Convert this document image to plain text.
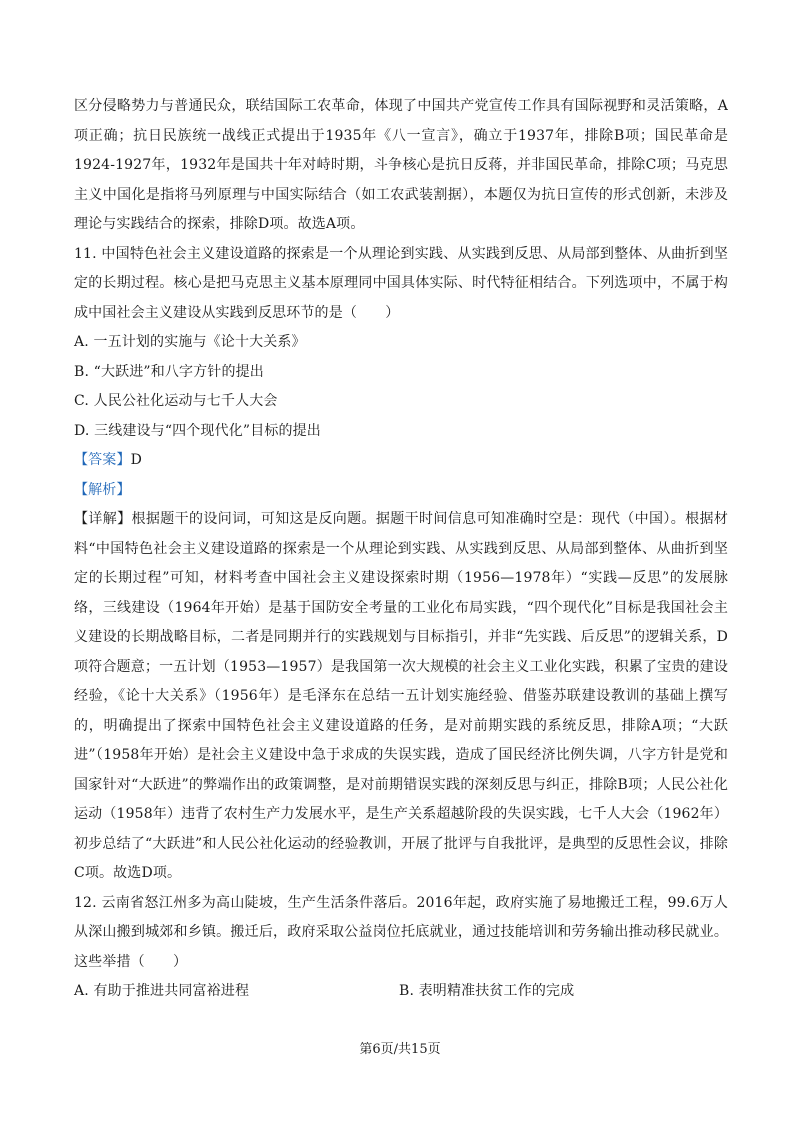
区分侵略势力与普通民众，联结国际工农革命，体现了中国共产党宣传工作具有国际视野和灵活策略，A项正确；抗日民族统一战线正式提出于1935年《八一宣言》，确立于1937年，排除B项；国民革命是1924-1927年，1932年是国共十年对峙时期，斗争核心是抗日反蒋，并非国民革命，排除C项；马克思主义中国化是指将马列原理与中国实际结合（如工农武装割据），本题仅为抗日宣传的形式创新，未涉及理论与实践结合的探索，排除D项。故选A项。

11. 中国特色社会主义建设道路的探索是一个从理论到实践、从实践到反思、从局部到整体、从曲折到坚定的长期过程。核心是把马克思主义基本原理同中国具体实际、时代特征相结合。下列选项中，不属于构成中国社会主义建设从实践到反思环节的是（　　）

A. 一五计划的实施与《论十大关系》

B. “大跃进”和八字方针的提出

C. 人民公社化运动与七千人大会

D. 三线建设与“四个现代化”目标的提出

【答案】D

【解析】

【详解】根据题干的设问词，可知这是反向题。据题干时间信息可知准确时空是：现代（中国）。根据材料“中国特色社会主义建设道路的探索是一个从理论到实践、从实践到反思、从局部到整体、从曲折到坚定的长期过程”可知，材料考查中国社会主义建设探索时期（1956—1978年）“实践—反思”的发展脉络，三线建设（1964年开始）是基于国防安全考量的工业化布局实践，“四个现代化”目标是我国社会主义建设的长期战略目标，二者是同期并行的实践规划与目标指引，并非“先实践、后反思”的逻辑关系，D项符合题意；一五计划（1953—1957）是我国第一次大规模的社会主义工业化实践，积累了宝贵的建设经验，《论十大关系》（1956年）是毛泽东在总结一五计划实施经验、借鉴苏联建设教训的基础上撰写的，明确提出了探索中国特色社会主义建设道路的任务，是对前期实践的系统反思，排除A项；“大跃进”（1958年开始）是社会主义建设中急于求成的失误实践，造成了国民经济比例失调，八字方针是党和国家针对“大跃进”的弊端作出的政策调整，是对前期错误实践的深刻反思与纠正，排除B项；人民公社化运动（1958年）违背了农村生产力发展水平，是生产关系超越阶段的失误实践，七千人大会（1962年）初步总结了“大跃进”和人民公社化运动的经验教训，开展了批评与自我批评，是典型的反思性会议，排除C项。故选D项。

12. 云南省怒江州多为高山陡坡，生产生活条件落后。2016年起，政府实施了易地搬迁工程，99.6万人从深山搬到城郊和乡镇。搬迁后，政府采取公益岗位托底就业，通过技能培训和劳务输出推动移民就业。这些举措（　　）

A. 有助于推进共同富裕进程	B. 表明精准扶贫工作的完成
第6页/共15页
